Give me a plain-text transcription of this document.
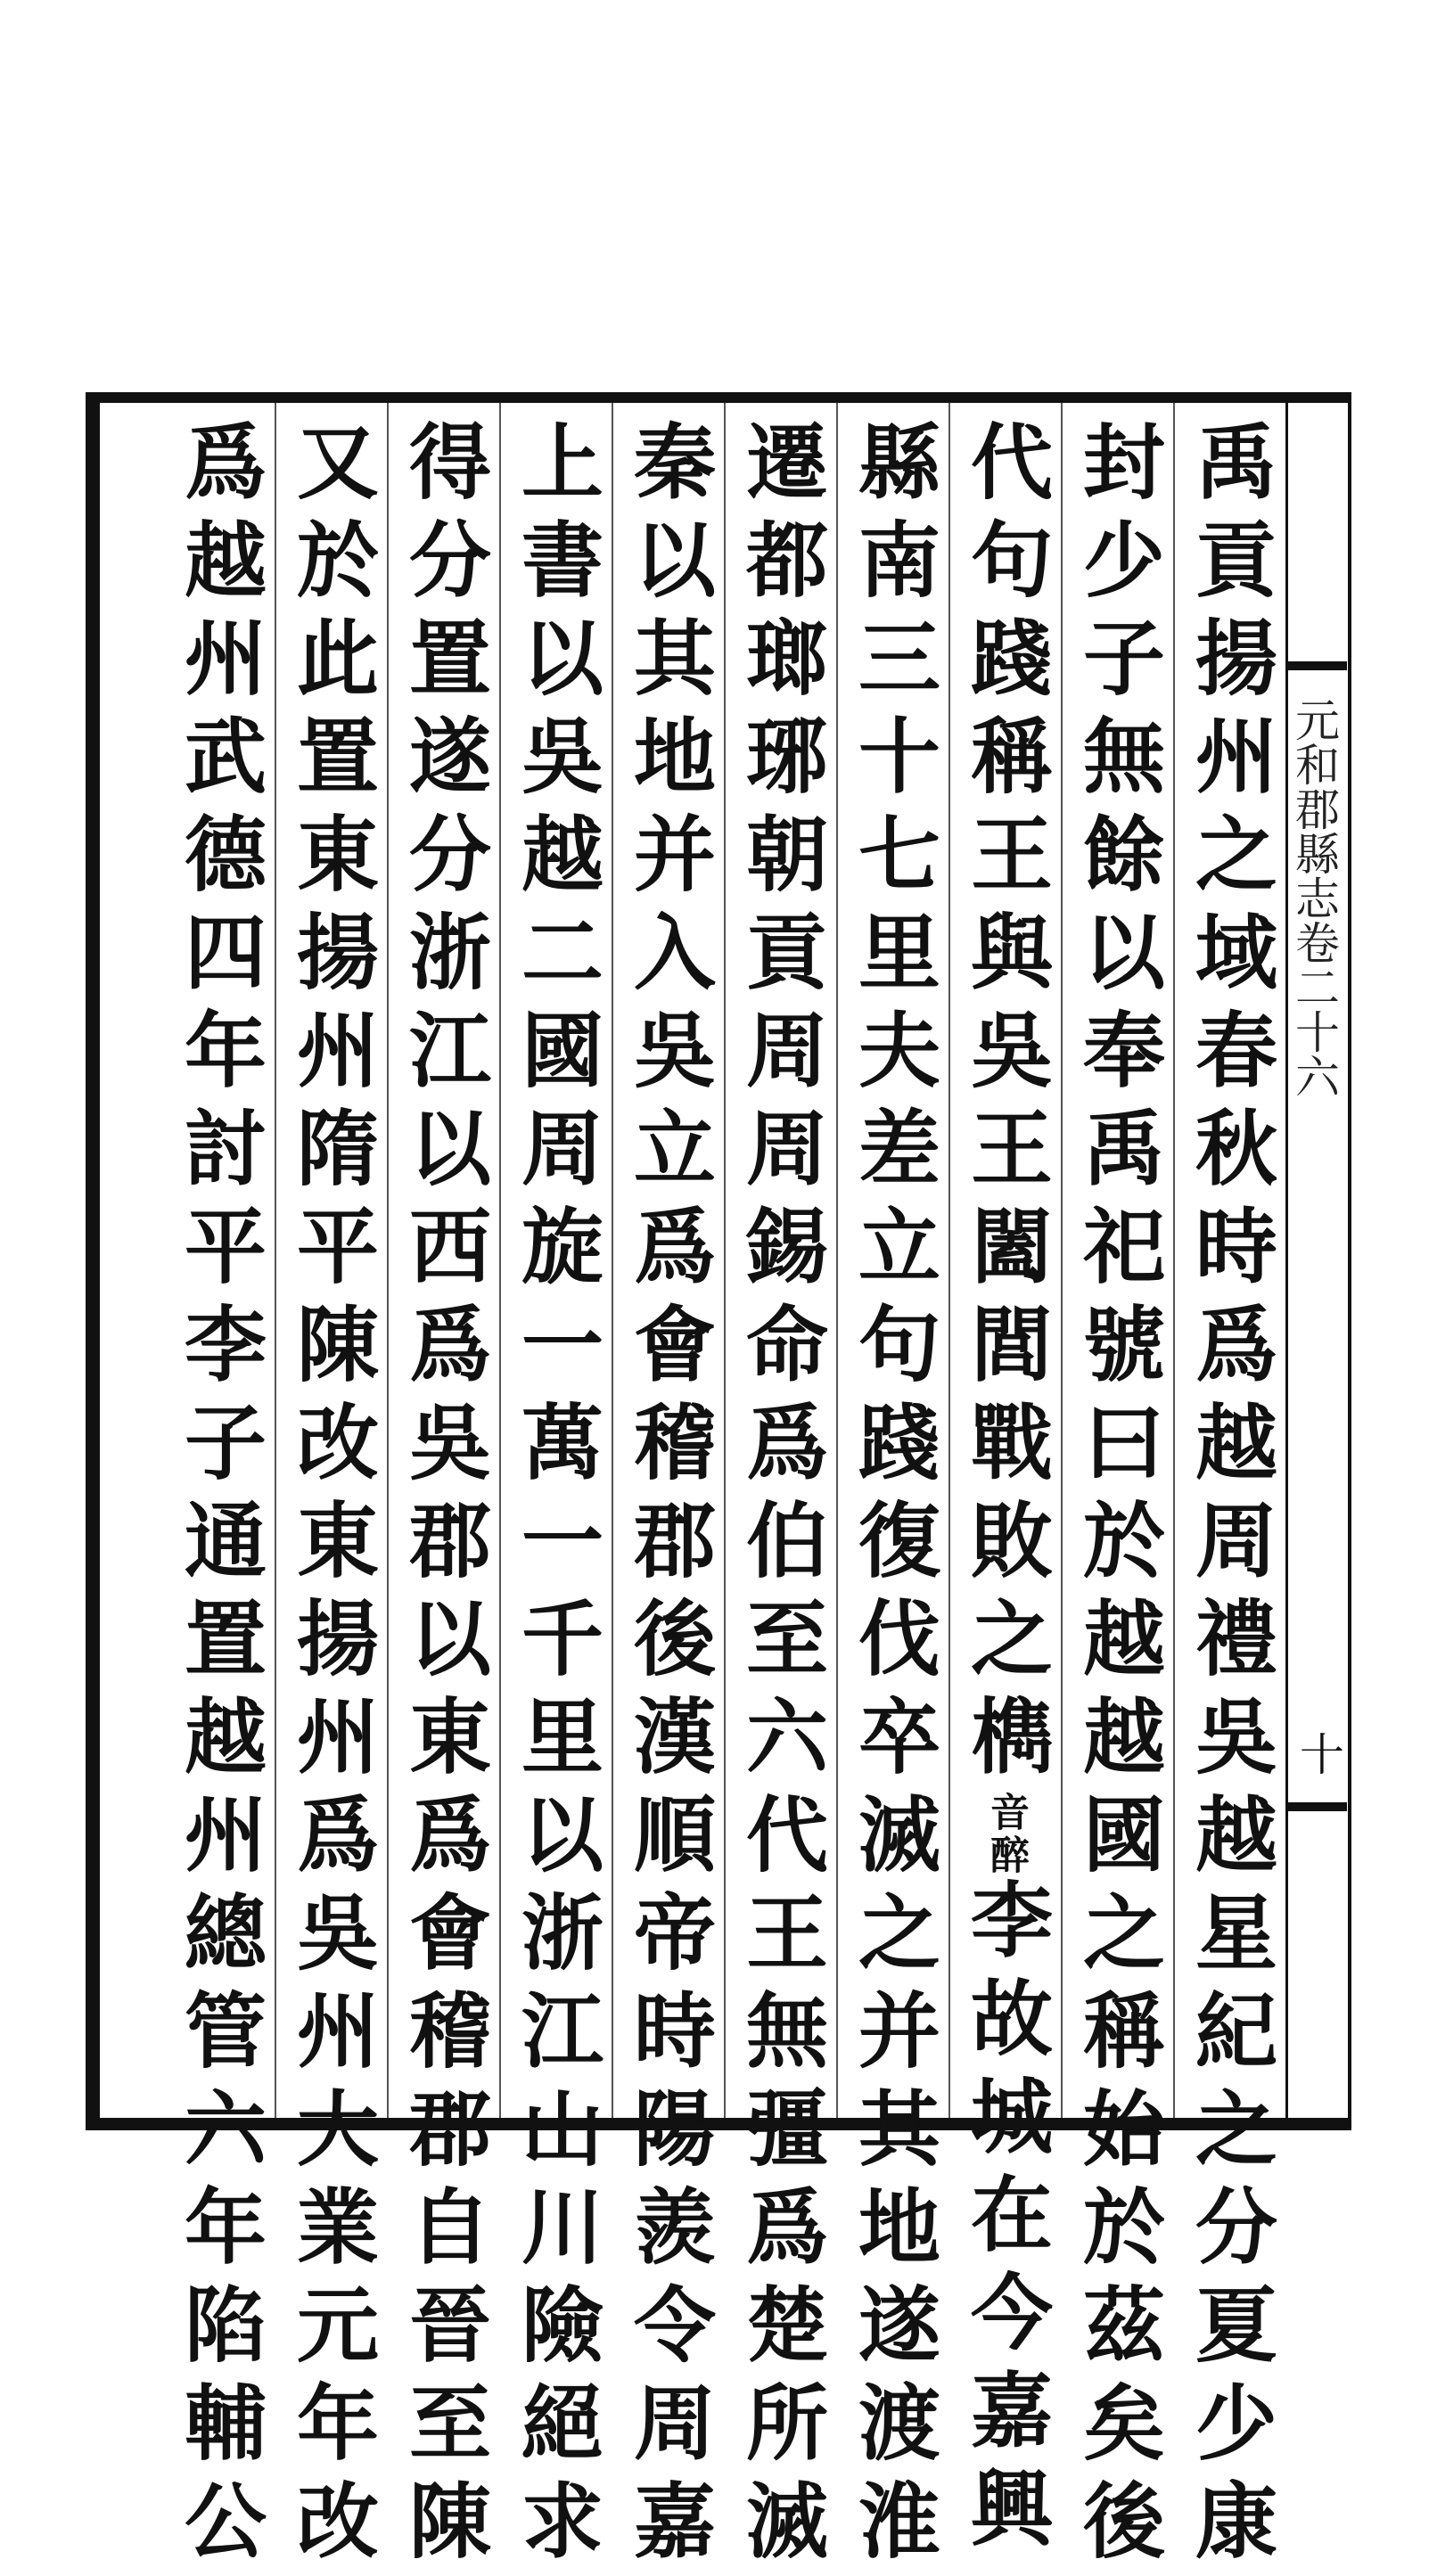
元和郡縣志卷二十六
十
禹貢揚州之域春秋時爲越周禮吳越星紀之分夏少康
封少子無餘以奉禹祀號曰於越越國之稱始於茲矣後
代句踐稱王與吳王闔閭戰敗之檇音醉李故城在今嘉興
縣南三十七里夫差立句踐復伐卒滅之并其地遂渡淮
遷都瑯琊朝貢周周錫命爲伯至六代王無彊爲楚所滅
秦以其地并入吳立爲會稽郡後漢順帝時陽羨令周嘉
上書以吳越二國周旋一萬一千里以浙江山川險絕求
得分置遂分浙江以西爲吳郡以東爲會稽郡自晉至陳
又於此置東揚州隋平陳改東揚州爲吳州大業元年改
爲越州武德四年討平李子通置越州總管六年陷輔公
